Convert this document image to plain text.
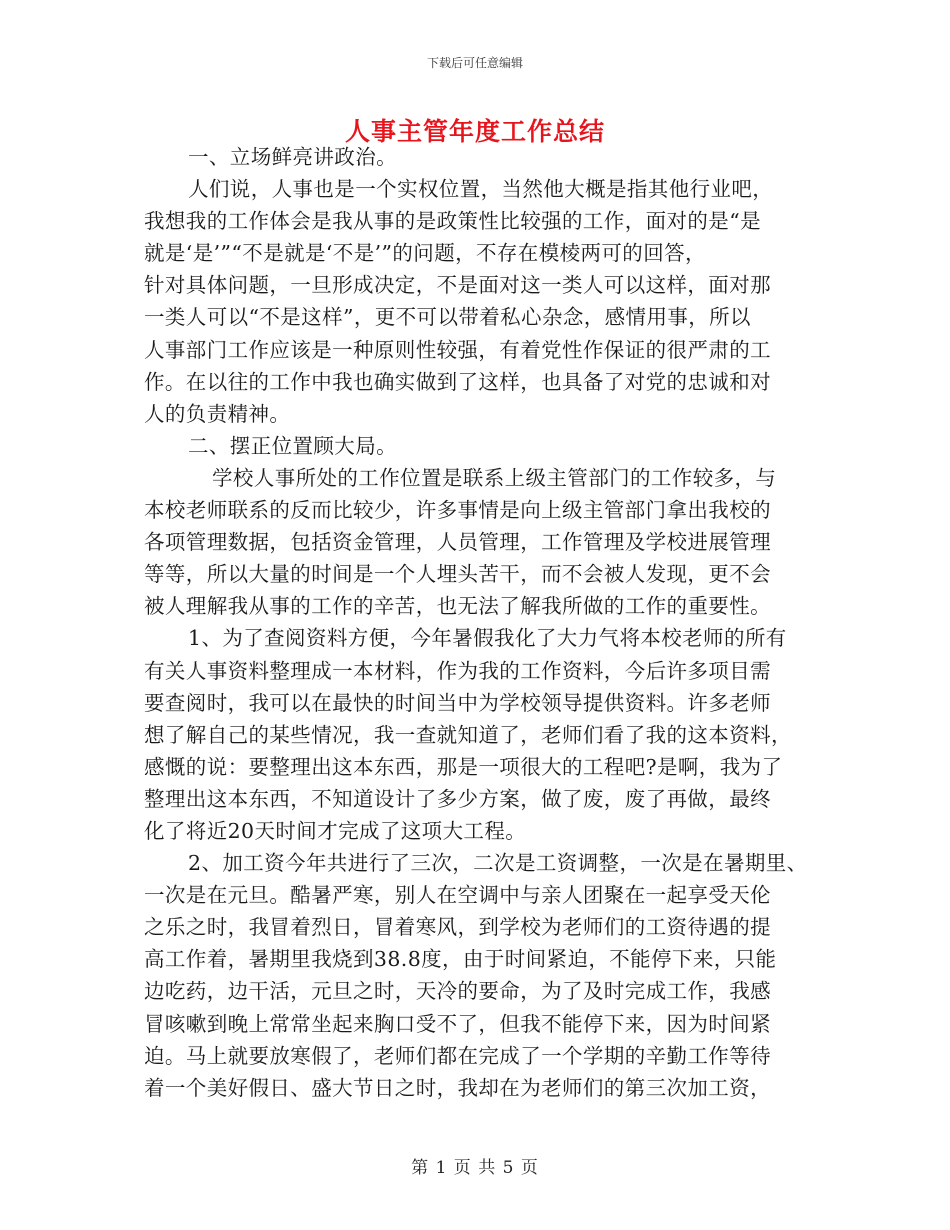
下载后可任意编辑
人事主管年度工作总结
一、立场鲜亮讲政治。
人们说，人事也是一个实权位置，当然他大概是指其他行业吧，
我想我的工作体会是我从事的是政策性比较强的工作，面对的是“是
就是‘是’”“不是就是‘不是’”的问题，不存在模棱两可的回答，
针对具体问题，一旦形成决定，不是面对这一类人可以这样，面对那
一类人可以“不是这样”，更不可以带着私心杂念，感情用事，所以
人事部门工作应该是一种原则性较强，有着党性作保证的很严肃的工
作。在以往的工作中我也确实做到了这样，也具备了对党的忠诚和对
人的负责精神。
二、摆正位置顾大局。
学校人事所处的工作位置是联系上级主管部门的工作较多，与
本校老师联系的反而比较少，许多事情是向上级主管部门拿出我校的
各项管理数据，包括资金管理，人员管理，工作管理及学校进展管理
等等，所以大量的时间是一个人埋头苦干，而不会被人发现，更不会
被人理解我从事的工作的辛苦，也无法了解我所做的工作的重要性。
1、为了查阅资料方便，今年暑假我化了大力气将本校老师的所有
有关人事资料整理成一本材料，作为我的工作资料，今后许多项目需
要查阅时，我可以在最快的时间当中为学校领导提供资料。许多老师
想了解自己的某些情况，我一查就知道了，老师们看了我的这本资料，
感慨的说：要整理出这本东西，那是一项很大的工程吧?是啊，我为了
整理出这本东西，不知道设计了多少方案，做了废，废了再做，最终
化了将近20天时间才完成了这项大工程。
2、加工资今年共进行了三次，二次是工资调整，一次是在暑期里、
一次是在元旦。酷暑严寒，别人在空调中与亲人团聚在一起享受天伦
之乐之时，我冒着烈日，冒着寒风，到学校为老师们的工资待遇的提
高工作着，暑期里我烧到38.8度，由于时间紧迫，不能停下来，只能
边吃药，边干活，元旦之时，天冷的要命，为了及时完成工作，我感
冒咳嗽到晚上常常坐起来胸口受不了，但我不能停下来，因为时间紧
迫。马上就要放寒假了，老师们都在完成了一个学期的辛勤工作等待
着一个美好假日、盛大节日之时，我却在为老师们的第三次加工资，
第 1 页 共 5 页
